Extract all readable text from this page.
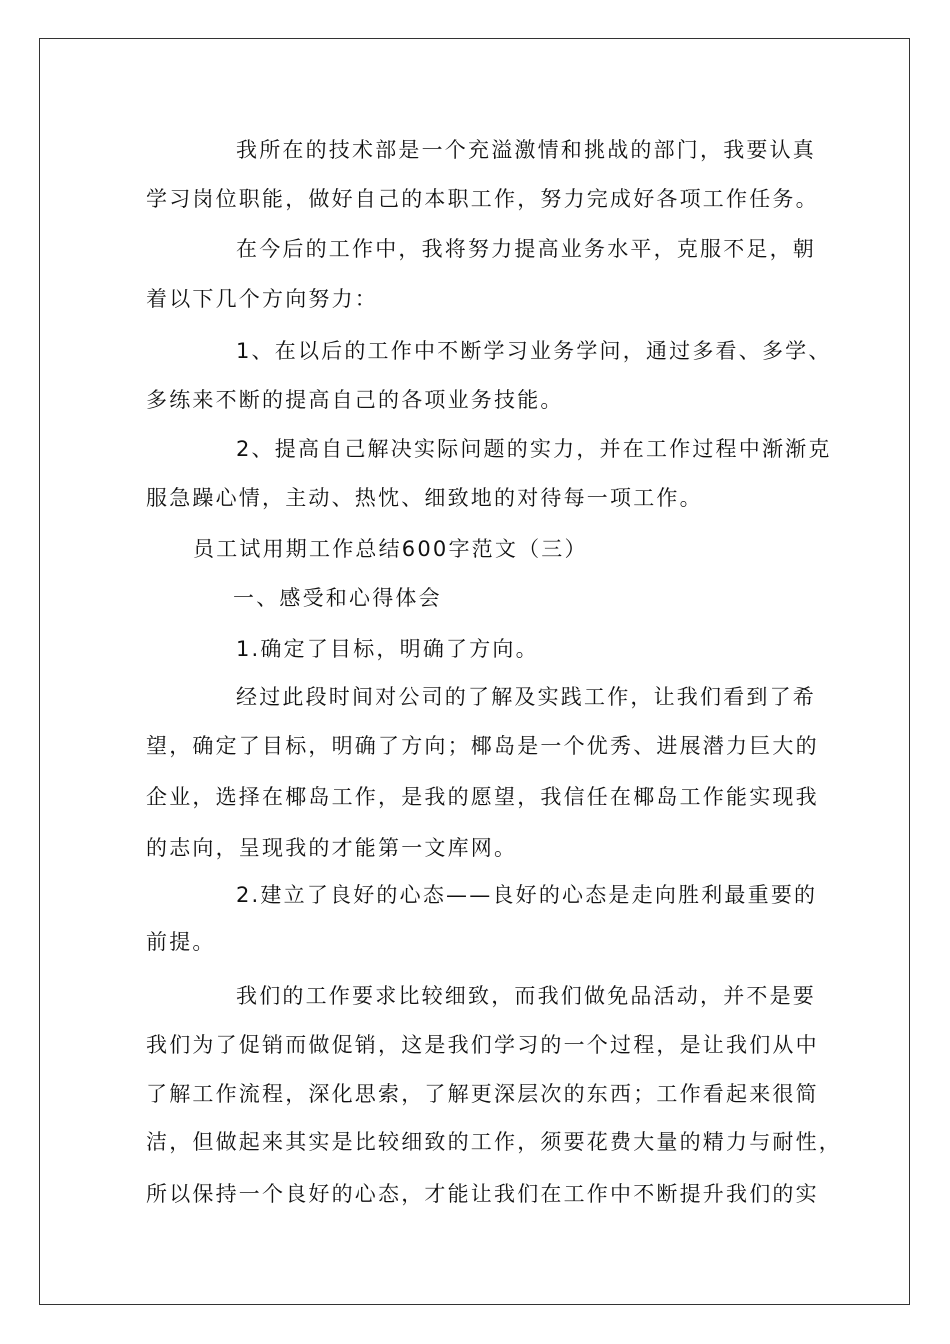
我所在的技术部是一个充溢激情和挑战的部门，我要认真
学习岗位职能，做好自己的本职工作，努力完成好各项工作任务。
在今后的工作中，我将努力提高业务水平，克服不足，朝
着以下几个方向努力：
1、在以后的工作中不断学习业务学问，通过多看、多学、
多练来不断的提高自己的各项业务技能。
2、提高自己解决实际问题的实力，并在工作过程中渐渐克
服急躁心情，主动、热忱、细致地的对待每一项工作。
员工试用期工作总结600字范文（三）
一、感受和心得体会
1.确定了目标，明确了方向。
经过此段时间对公司的了解及实践工作，让我们看到了希
望，确定了目标，明确了方向；椰岛是一个优秀、进展潜力巨大的
企业，选择在椰岛工作，是我的愿望，我信任在椰岛工作能实现我
的志向，呈现我的才能第一文库网。
2.建立了良好的心态——良好的心态是走向胜利最重要的
前提。
我们的工作要求比较细致，而我们做免品活动，并不是要
我们为了促销而做促销，这是我们学习的一个过程，是让我们从中
了解工作流程，深化思索，了解更深层次的东西；工作看起来很简
洁，但做起来其实是比较细致的工作，须要花费大量的精力与耐性，
所以保持一个良好的心态，才能让我们在工作中不断提升我们的实
